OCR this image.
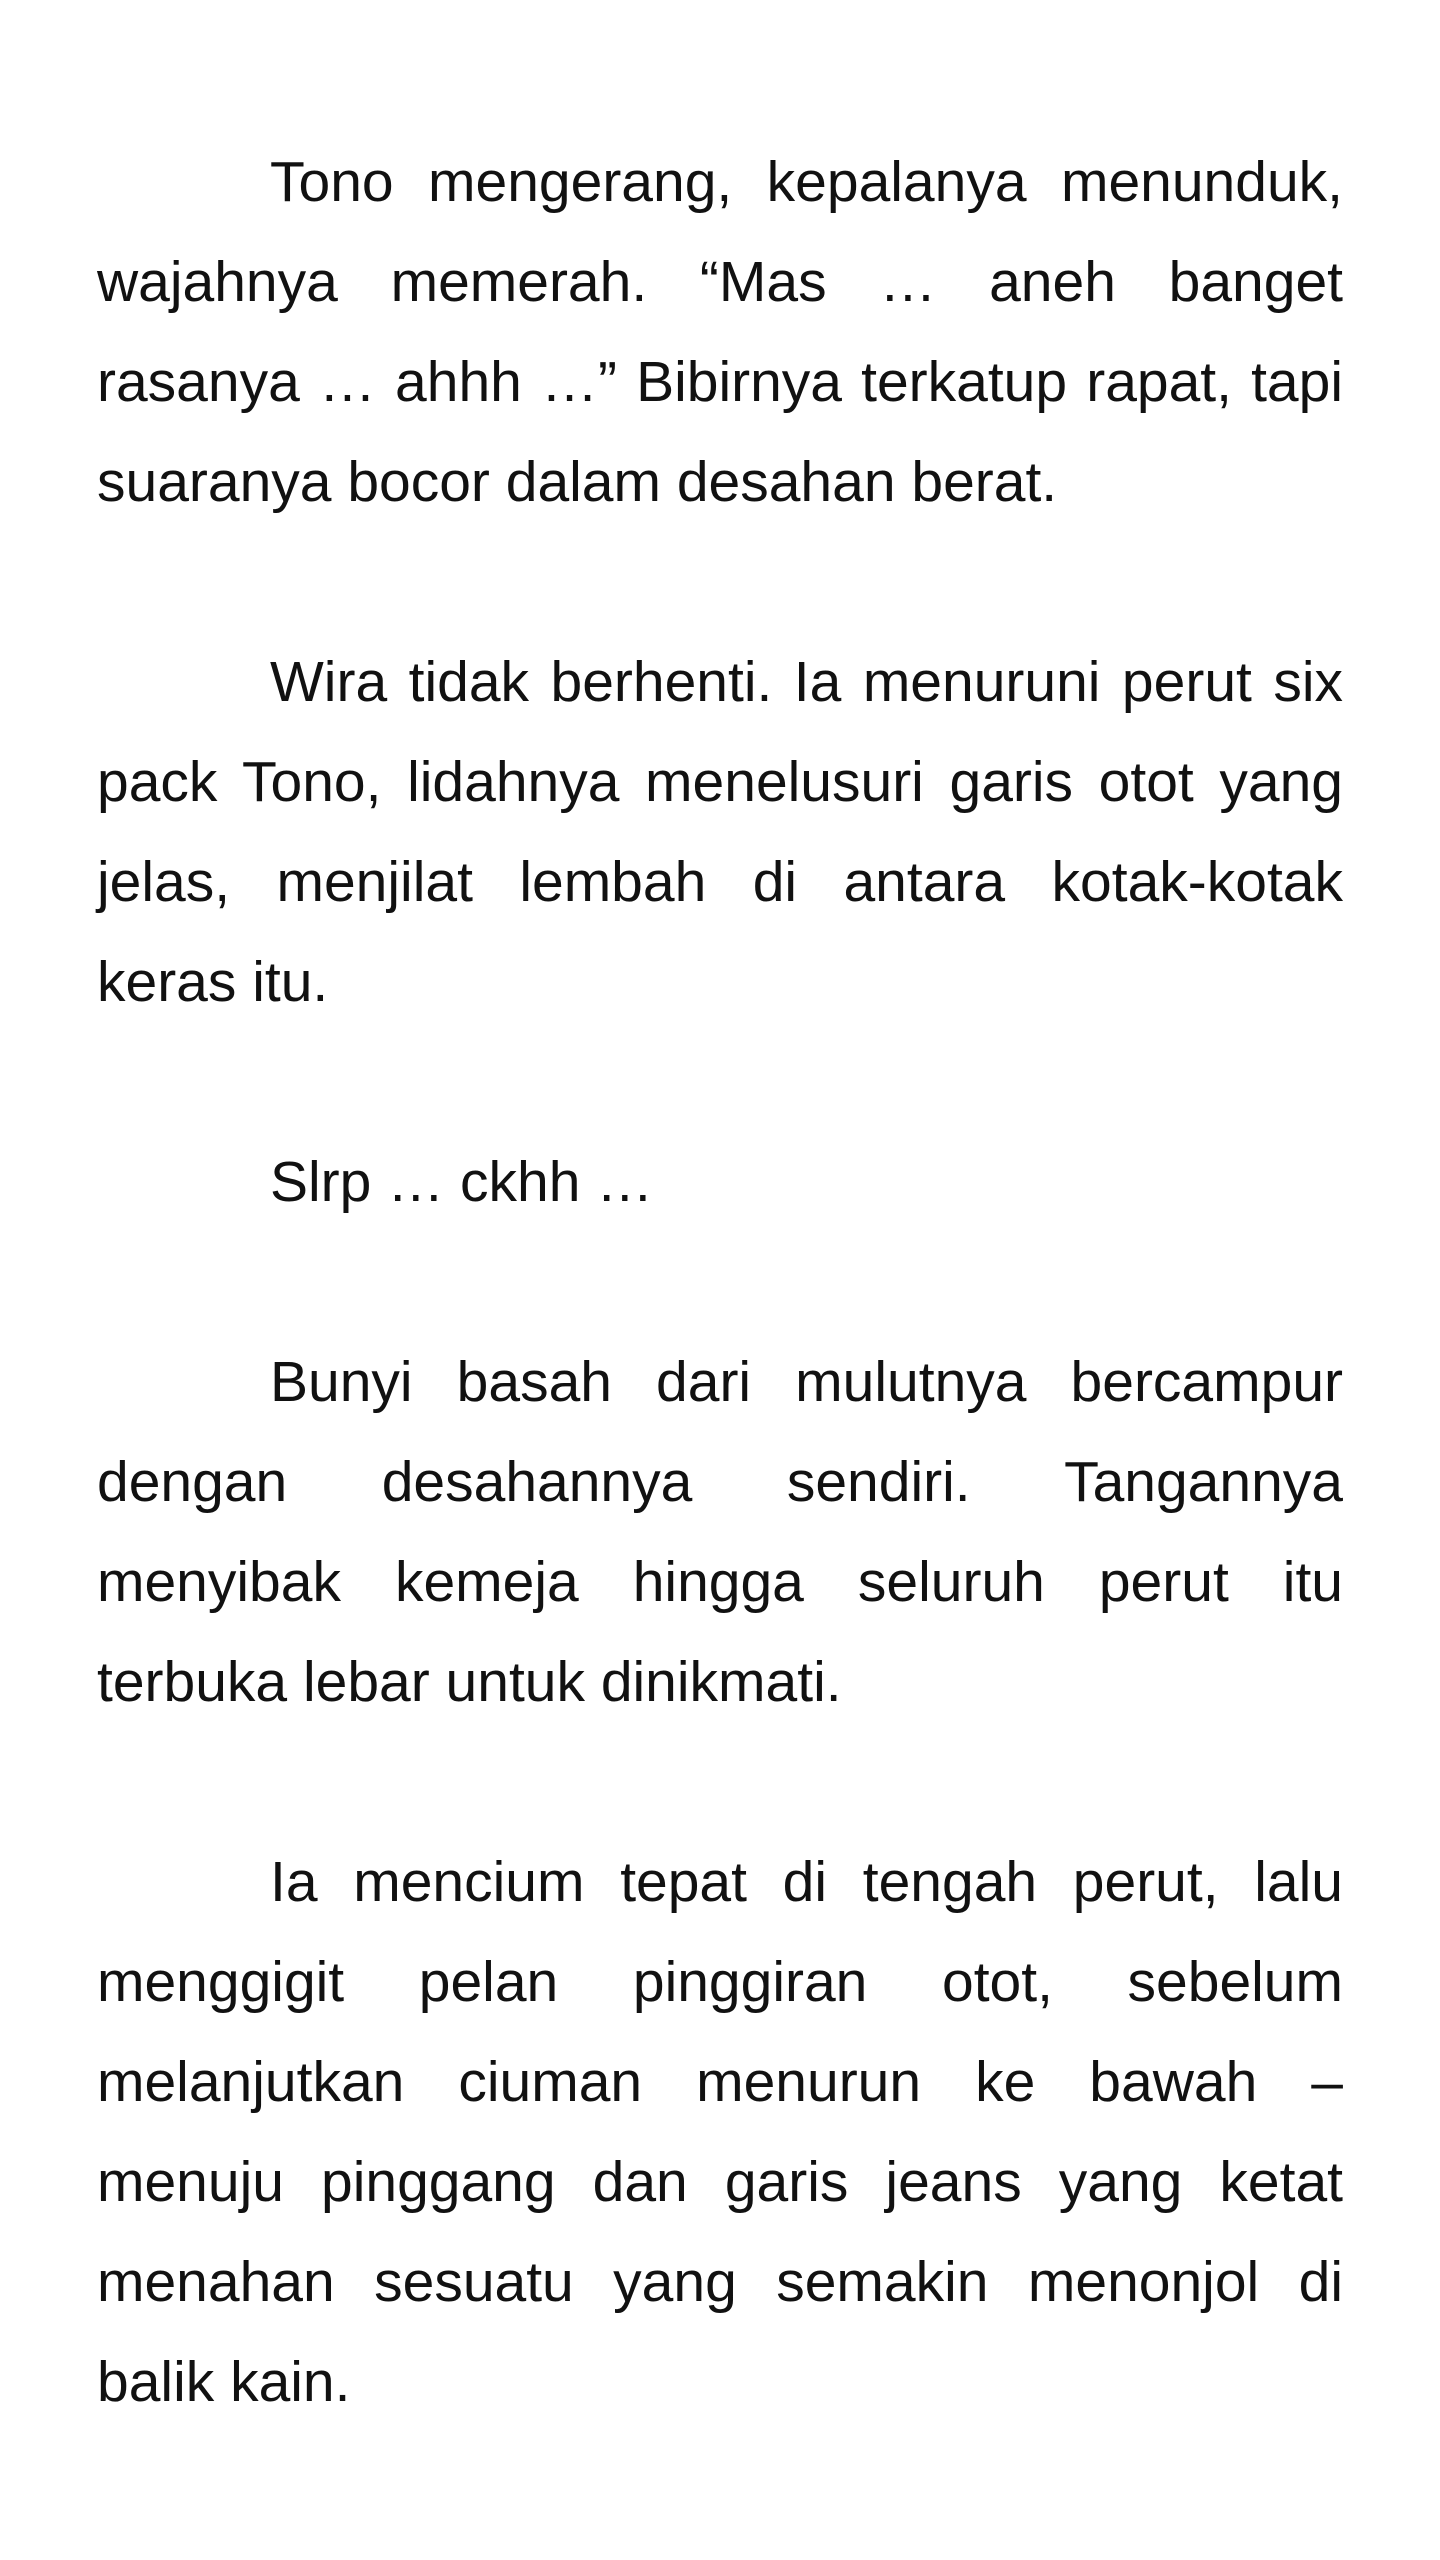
Tono mengerang, kepalanya menunduk, wajahnya memerah. “Mas … aneh banget rasanya … ahhh …” Bibirnya terkatup rapat, tapi suaranya bocor dalam desahan berat.

Wira tidak berhenti. Ia menuruni perut six pack Tono, lidahnya menelusuri garis otot yang jelas, menjilat lembah di antara kotak-kotak keras itu.

Slrp … ckhh …

Bunyi basah dari mulutnya bercampur dengan desahannya sendiri. Tangannya menyibak kemeja hingga seluruh perut itu terbuka lebar untuk dinikmati.

Ia mencium tepat di tengah perut, lalu menggigit pelan pinggiran otot, sebelum melanjutkan ciuman menurun ke bawah – menuju pinggang dan garis jeans yang ketat menahan sesuatu yang semakin menonjol di balik kain.
